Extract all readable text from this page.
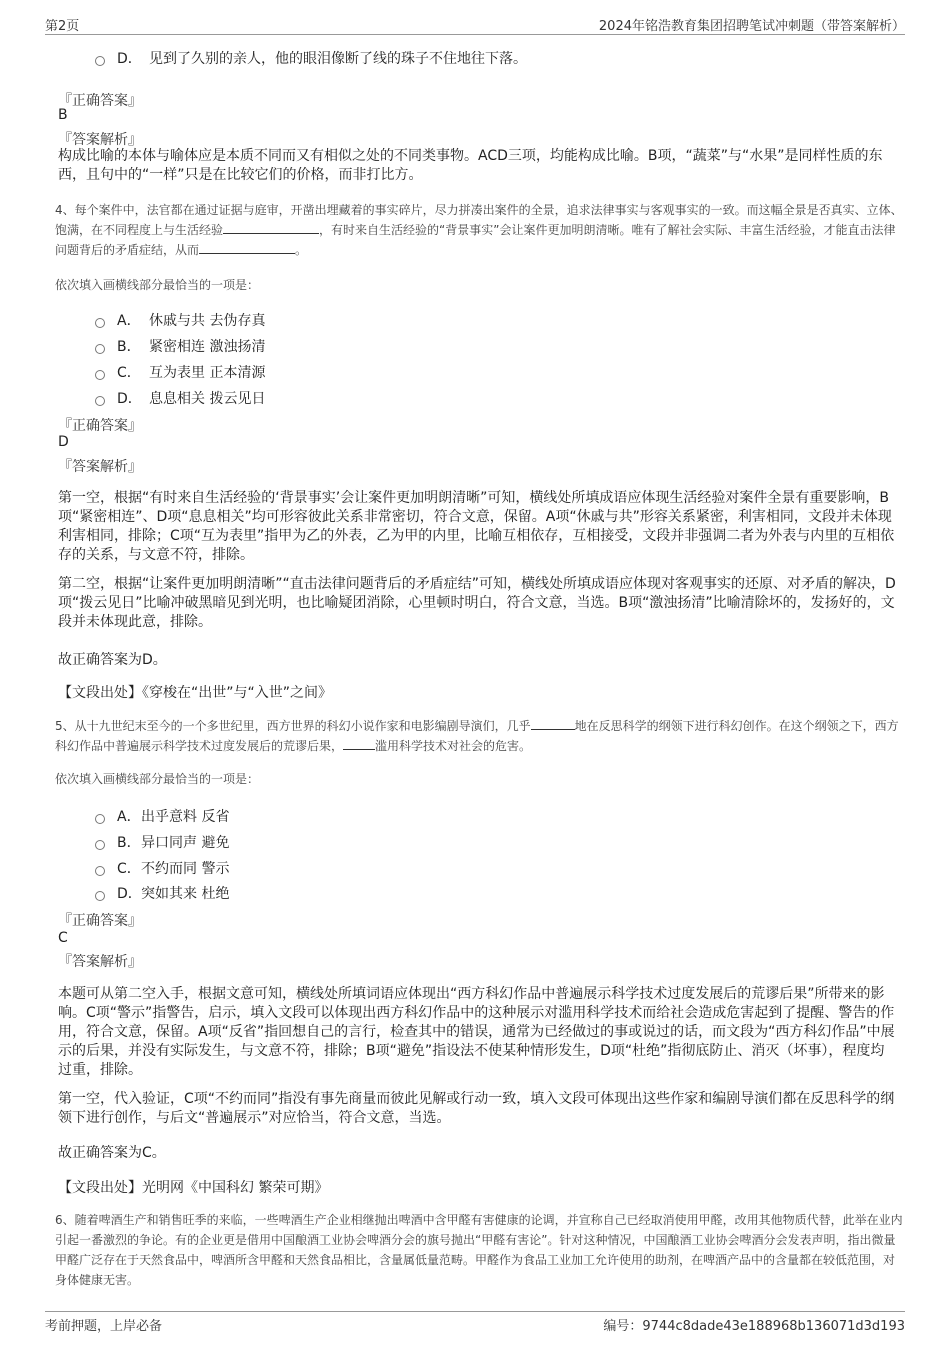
第2页	2024年铭浩教育集团招聘笔试冲刺题（带答案解析）
D． 见到了久别的亲人，他的眼泪像断了线的珠子不住地往下落。
『正确答案』
B
『答案解析』

构成比喻的本体与喻体应是本质不同而又有相似之处的不同类事物。ACD三项，均能构成比喻。B项，“蔬菜”与“水果”是同样性质的东西，且句中的“一样”只是在比较它们的价格，而非打比方。

4、每个案件中，法官都在通过证据与庭审，开凿出埋藏着的事实碎片，尽力拼凑出案件的全景，追求法律事实与客观事实的一致。而这幅全景是否真实、立体、饱满，在不同程度上与生活经验	，有时来自生活经验的“背景事实”会让案件更加明朗清晰。唯有了解社会实际、丰富生活经验，才能直击法律问题背后的矛盾症结，从而	。

依次填入画横线部分最恰当的一项是：
A． 休戚与共 去伪存真
B． 紧密相连 激浊扬清
C． 互为表里 正本清源
D． 息息相关 拨云见日
『正确答案』
D
『答案解析』

第一空，根据“有时来自生活经验的‘背景事实’会让案件更加明朗清晰”可知，横线处所填成语应体现生活经验对案件全景有重要影响，B项“紧密相连”、D项“息息相关”均可形容彼此关系非常密切，符合文意，保留。A项“休戚与共”形容关系紧密，利害相同，文段并未体现利害相同，排除；C项“互为表里”指甲为乙的外表，乙为甲的内里，比喻互相依存，互相接受，文段并非强调二者为外表与内里的互相依存的关系，与文意不符，排除。

第二空，根据“让案件更加明朗清晰”“直击法律问题背后的矛盾症结”可知，横线处所填成语应体现对客观事实的还原、对矛盾的解决，D项“拨云见日”比喻冲破黑暗见到光明，也比喻疑团消除，心里顿时明白，符合文意，当选。B项“激浊扬清”比喻清除坏的，发扬好的，文段并未体现此意，排除。

故正确答案为D。
【文段出处】《穿梭在“出世”与“入世”之间》

5、从十九世纪末至今的一个多世纪里，西方世界的科幻小说作家和电影编剧导演们，几乎	地在反思科学的纲领下进行科幻创作。在这个纲领之下，西方科幻作品中普遍展示科学技术过度发展后的荒谬后果，	滥用科学技术对社会的危害。

依次填入画横线部分最恰当的一项是：
A． 出乎意料 反省
B． 异口同声 避免
C． 不约而同 警示
D． 突如其来 杜绝
『正确答案』
C
『答案解析』

本题可从第二空入手，根据文意可知，横线处所填词语应体现出“西方科幻作品中普遍展示科学技术过度发展后的荒谬后果”所带来的影响。C项“警示”指警告，启示，填入文段可以体现出西方科幻作品中的这种展示对滥用科学技术而给社会造成危害起到了提醒、警告的作用，符合文意，保留。A项“反省”指回想自己的言行，检查其中的错误，通常为已经做过的事或说过的话，而文段为“西方科幻作品”中展示的后果，并没有实际发生，与文意不符，排除；B项“避免”指设法不使某种情形发生，D项“杜绝”指彻底防止、消灭（坏事），程度均过重，排除。

第一空，代入验证，C项“不约而同”指没有事先商量而彼此见解或行动一致，填入文段可体现出这些作家和编剧导演们都在反思科学的纲领下进行创作，与后文“普遍展示”对应恰当，符合文意，当选。

故正确答案为C。
【文段出处】光明网《中国科幻 繁荣可期》

6、随着啤酒生产和销售旺季的来临，一些啤酒生产企业相继抛出啤酒中含甲醛有害健康的论调，并宣称自己已经取消使用甲醛，改用其他物质代替，此举在业内引起一番激烈的争论。有的企业更是借用中国酿酒工业协会啤酒分会的旗号抛出“甲醛有害论”。针对这种情况，中国酿酒工业协会啤酒分会发表声明，指出微量甲醛广泛存在于天然食品中，啤酒所含甲醛和天然食品相比，含量属低量范畴。甲醛作为食品工业加工允许使用的助剂，在啤酒产品中的含量都在较低范围，对身体健康无害。

考前押题，上岸必备	编号：9744c8dade43e188968b136071d3d193
